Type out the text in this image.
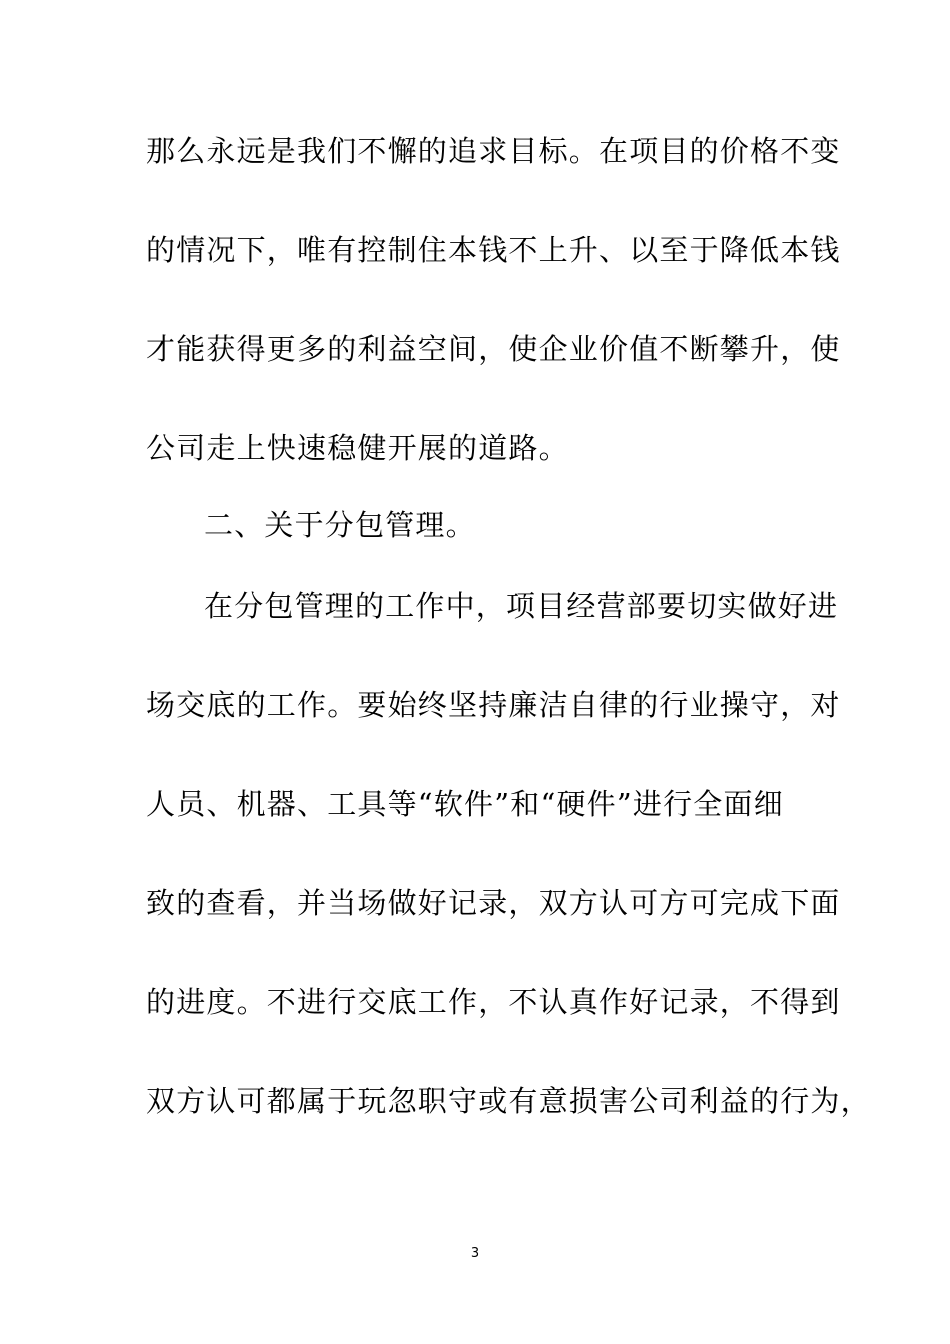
那么永远是我们不懈的追求目标。在项目的价格不变
的情况下，唯有控制住本钱不上升、以至于降低本钱
才能获得更多的利益空间，使企业价值不断攀升，使
公司走上快速稳健开展的道路。
二、关于分包管理。
在分包管理的工作中，项目经营部要切实做好进
场交底的工作。要始终坚持廉洁自律的行业操守，对
人员、机器、工具等“软件”和“硬件”进行全面细
致的查看，并当场做好记录，双方认可方可完成下面
的进度。不进行交底工作，不认真作好记录，不得到
双方认可都属于玩忽职守或有意损害公司利益的行为，
3
